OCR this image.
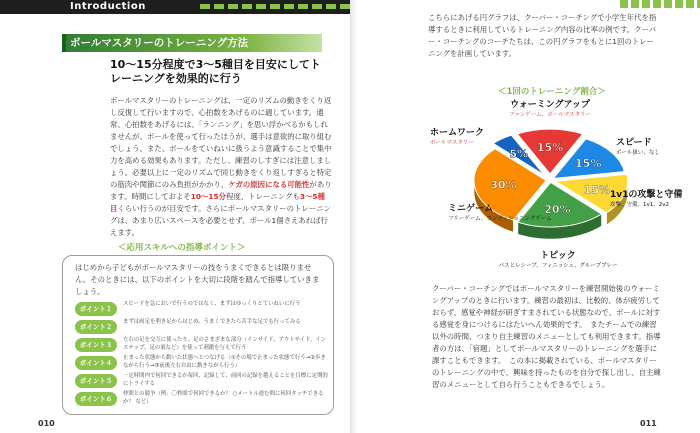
Introduction
ボールマスタリーのトレーニング方法
10〜15分程度で3〜5種目を目安にしてトレーニングを効果的に行う
ボールマスタリーのトレーニングは、一定のリズムの動きをくり返し反復して行いますので、心拍数をあげるのに適しています。通常、心拍数をあげるには、「ランニング」を思い浮かべるかもしれませんが、ボールを使って行ったほうが、選手は意欲的に取り組むでしょう。また、ボールをていねいに扱うよう意識することで集中力を高める効果もあります。ただし、練習のしすぎには注意しましょう。必要以上に一定のリズムで同じ動きをくり返しすぎると特定の筋肉や関節にのみ負担がかかり、ケガの原因になる可能性があります。時間にしておよそ10〜15分程度、トレーニングも3〜5種目くらい行うのが目安です。さらにボールマスタリーのトレーニングは、あまり広いスペースを必要とせず、ボール1個さえあれば行えます。
＜応用スキルへの指導ポイント＞
はじめから子どもがボールマスタリーの技をうまくできるとは限りません。そのときには、以下のポイントを大切に段階を踏んで指導していきましょう。
ポイント１
スピードを急においで行うのではなく、まずはゆっくりとていねいに行う
ポイント２
まずは両足を利き足からはじめ、うまくできたら苦手な足でも行ってみる
ポイント３
左右の足を交互に使ったり、足のさまざまな部分（インサイド、アウトサイド、インステップ、足の裏など）を使って刺激を与えて行う
ポイント４
止まった状態から動いた状態へとつなげる（①その場で止まった状態で行う→②歩きながら行う→③前後左右自由に動きながら行う）
ポイント５
一定時間内で何回できるか毎回、記録して、前回の記録を越えることを目標に定期的にトライする
ポイント６
仲間との競争（例：〇秒間で何回できるか？ ○メートル進む間に何回タッチできるか？ など）
010
こちらにあげる円グラフは、クーバー・コーチングで小学生年代を指導するときに利用しているトレーニング内容の比率の例です。クーバー・コーチングのコーチたちは、この円グラフをもとに1回のトレーニングを計画しています。
＜1回のトレーニング割合＞
15%
15%
15%
20%
30%
5%
ウォーミングアップ
ファンゲーム、ボールマスタリー
スピード
ボール扱い、なし
1v1の攻撃と守備
攻撃、守備、1v1、2v2
トピック
パスとレシーブ、フィニッシュ、グループプレー
ミニゲーム
フリーゲーム、コンディショニングゲーム
ホームワーク
ボールマスタリー
クーバー・コーチングではボールマスタリーを練習開始後のウォーミングアップのときに行います。練習の最初は、比較的、体が疲労しておらず、感覚や神経が研ぎすまされている状態なので、ボールに対する感覚を身につけるにはたいへん効果的です。　またチームでの練習以外の時間、つまり自主練習のメニューとしても利用できます。指導者の方は、「宿題」としてボールマスタリーのトレーニングを選手に課すこともできます。　この本に掲載されている、ボールマスタリーのトレーニングの中で、興味を持ったものを自分で探し出し、自主練習のメニューとして自ら行うこともできるでしょう。
011
